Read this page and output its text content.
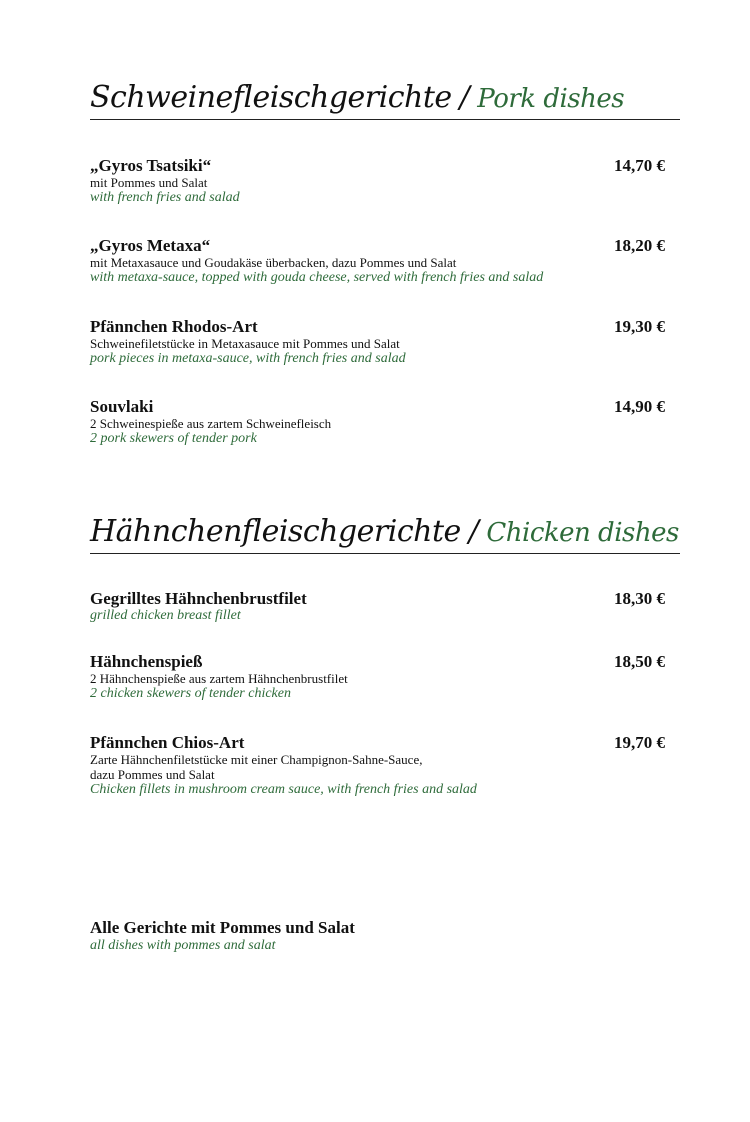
Schweinefleischgerichte / Pork dishes
„Gyros Tsatsiki“	14,70 €
mit Pommes und Salat
with french fries and salad
„Gyros Metaxa“	18,20 €
mit Metaxasauce und Goudakäse überbacken, dazu Pommes und Salat
with metaxa-sauce, topped with gouda cheese, served with french fries and salad
Pfännchen Rhodos-Art	19,30 €
Schweinefiletstücke in Metaxasauce mit Pommes und Salat
pork pieces in metaxa-sauce, with french fries and salad
Souvlaki	14,90 €
2 Schweinespieße aus zartem Schweinefleisch
2 pork skewers of tender pork
Hähnchenfleischgerichte / Chicken dishes
Gegrilltes Hähnchenbrustfilet	18,30 €
grilled chicken breast fillet
Hähnchenspieß	18,50 €
2 Hähnchenspieße aus zartem Hähnchenbrustfilet
2 chicken skewers of tender chicken
Pfännchen Chios-Art	19,70 €
Zarte Hähnchenfiletstücke mit einer Champignon-Sahne-Sauce,
dazu Pommes und Salat
Chicken fillets in mushroom cream sauce, with french fries and salad
Alle Gerichte mit Pommes und Salat
all dishes with pommes and salat
